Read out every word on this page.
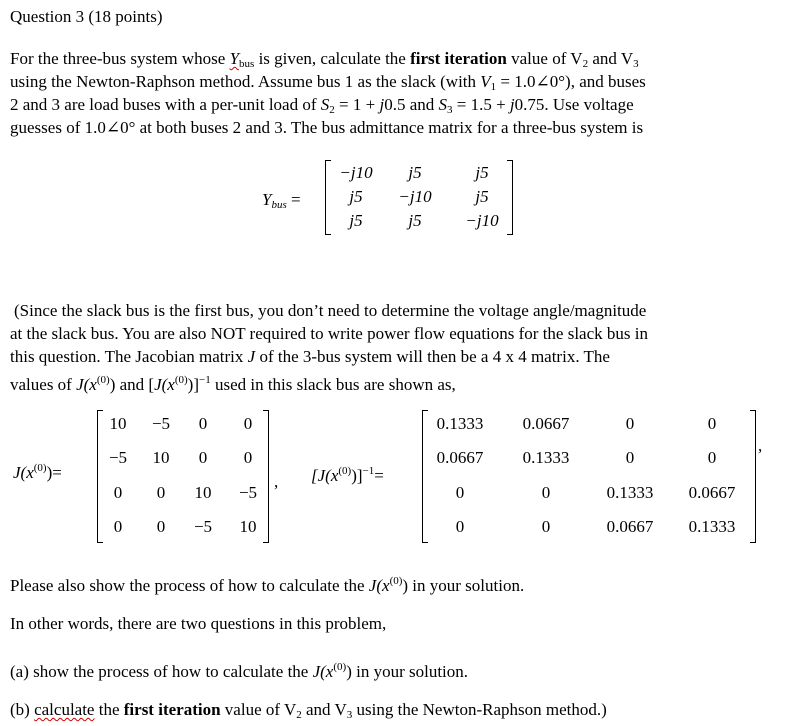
Question 3 (18 points)
For the three-bus system whose $Y_{bus}$ is given, calculate the first iteration value of $V_2$ and $V_3$
using the Newton-Raphson method. Assume bus 1 as the slack (with $V_1$ = 1.0∠0°), and buses
2 and 3 are load buses with a per-unit load of $S_2 = 1 + j0.5$ and $S_3 = 1.5 + j0.75$. Use voltage
guesses of 1.0∠0° at both buses 2 and 3. The bus admittance matrix for a three-bus system is
$Y_{bus}$ =
−j10	j5	j5
j5	−j10	j5
j5	j5	−j10
(Since the slack bus is the first bus, you don’t need to determine the voltage angle/magnitude
at the slack bus. You are also NOT required to write power flow equations for the slack bus in
this question. The Jacobian matrix J of the 3-bus system will then be a 4 x 4 matrix. The
values of $J(x^{(0)})$ and $[J(x^{(0)})]^{-1}$ used in this slack bus are shown as,
$J(x^{(0)})=$
10	−5	0	0
−5	10	0	0
0	0	10	−5
0	0	−5	10
, $[J(x^{(0)})]^{-1}=$
0.1333	0.0667	0	0
0.0667	0.1333	0	0
0	0	0.1333	0.0667
0	0	0.0667	0.1333
,
Please also show the process of how to calculate the $J(x^{(0)})$ in your solution.
In other words, there are two questions in this problem,
(a) show the process of how to calculate the $J(x^{(0)})$ in your solution.
(b) calculate the first iteration value of $V_2$ and $V_3$ using the Newton-Raphson method.)
